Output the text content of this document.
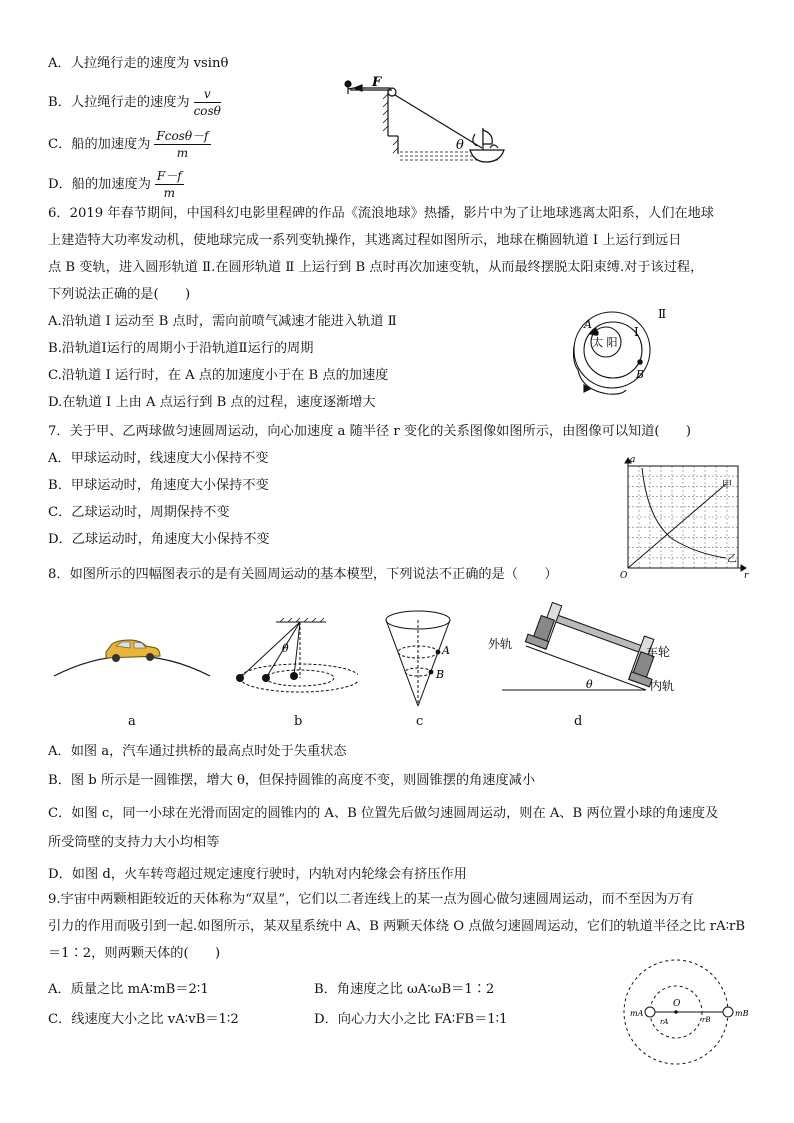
A．人拉绳行走的速度为 vsinθ
B．人拉绳行走的速度为 $\frac{v}{\cos\theta}$
C．船的加速度为 $\frac{Fcos\theta-f}{m}$
D．船的加速度为 $\frac{F-f}{m}$
F
θ
6．2019 年春节期间，中国科幻电影里程碑的作品《流浪地球》热播，影片中为了让地球逃离太阳系，人们在地球
上建造特大功率发动机，使地球完成一系列变轨操作，其逃离过程如图所示，地球在椭圆轨道 Ⅰ 上运行到远日
点 B 变轨，进入圆形轨道 Ⅱ.在圆形轨道 Ⅱ 上运行到 B 点时再次加速变轨，从而最终摆脱太阳束缚.对于该过程，
下列说法正确的是(　　)
A.沿轨道 Ⅰ 运动至 B 点时，需向前喷气减速才能进入轨道 Ⅱ
B.沿轨道Ⅰ运行的周期小于沿轨道Ⅱ运行的周期
C.沿轨道 Ⅰ 运行时，在 A 点的加速度小于在 B 点的加速度
D.在轨道 Ⅰ 上由 A 点运行到 B 点的过程，速度逐渐增大
太 阳
Ⅰ
Ⅱ
A
B
7．关于甲、乙两球做匀速圆周运动，向心加速度 a 随半径 r 变化的关系图像如图所示，由图像可以知道(　　)
A．甲球运动时，线速度大小保持不变
B．甲球运动时，角速度大小保持不变
C．乙球运动时，周期保持不变
D．乙球运动时，角速度大小保持不变
a
r
O
甲
乙
8．如图所示的四幅图表示的是有关圆周运动的基本模型，下列说法不正确的是（　　）
a
θ
b
A
B
c
外轨
车轮
内轨
θ
d
A．如图 a，汽车通过拱桥的最高点时处于失重状态
B．图 b 所示是一圆锥摆，增大 θ，但保持圆锥的高度不变，则圆锥摆的角速度减小
C．如图 c，同一小球在光滑而固定的圆锥内的 A、B 位置先后做匀速圆周运动，则在 A、B 两位置小球的角速度及
所受筒壁的支持力大小均相等
D．如图 d，火车转弯超过规定速度行驶时，内轨对内轮缘会有挤压作用
9.宇宙中两颗相距较近的天体称为“双星”，它们以二者连线上的某一点为圆心做匀速圆周运动，而不至因为万有
引力的作用而吸引到一起.如图所示，某双星系统中 A、B 两颗天体绕 O 点做匀速圆周运动，它们的轨道半径之比 rA∶rB
＝1∶2，则两颗天体的(　　)
A．质量之比 mA∶mB＝2∶1	B．角速度之比 ωA∶ωB＝1∶2
C．线速度大小之比 vA∶vB＝1∶2	D．向心力大小之比 FA∶FB＝1∶1
O
mA	mB
rA	rB
